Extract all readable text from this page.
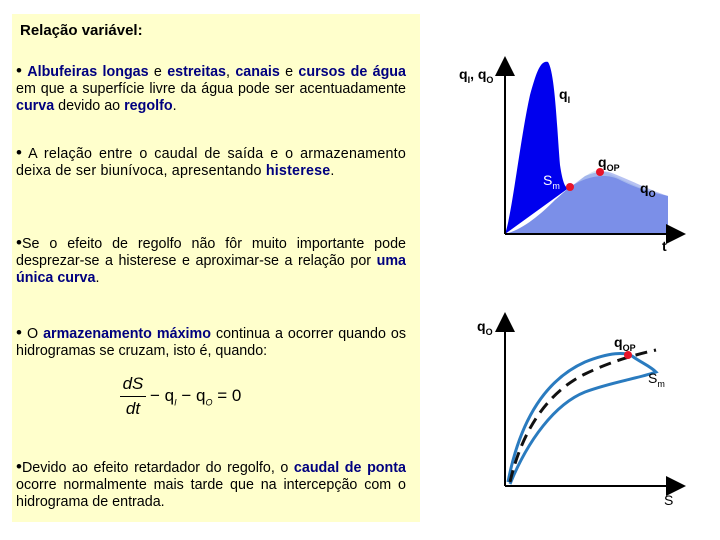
Relação variável:
• Albufeiras longas e estreitas, canais e cursos de água em que a superfície livre da água pode ser acentuadamente curva devido ao regolfo.
• A relação entre o caudal de saída e o armazenamento deixa de ser biunívoca, apresentando histerese.
•Se o efeito de regolfo não fôr muito importante pode desprezar-se a histerese e aproximar-se a relação por uma única curva.
• O armazenamento máximo continua a ocorrer quando os hidrogramas se cruzam, isto é, quando:
dS
dt
− $q_I - q_O = 0$
•Devido ao efeito retardador do regolfo, o caudal de ponta ocorre normalmente mais tarde que na intercepção com o hidrograma de entrada.
$q_I$, $q_O$
$q_I$
$q_{OP}$
$S_m$	$q_O$
t
$q_O$
$q_{OP}$
$S_m$
S
